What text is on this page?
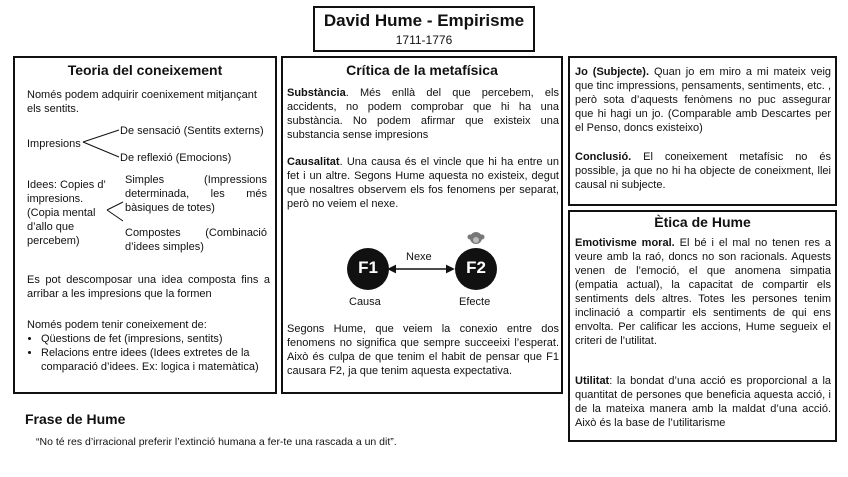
David Hume - Empirisme
1711-1776
Teoria del coneixement
Només podem adquirir coenixement mitjançant els sentits.
Impresions
De sensació (Sentits externs)
De reflexió (Emocions)
Idees: Copies d’ impresions. (Copia mental d’allo que percebem)
Simples (Impressions determinada, les més bàsiques de totes)
Compostes (Combinació d’idees simples)
Es pot descomposar una idea composta fins a arribar a les impresions que la formen
Només podem tenir coneixement de:
• Qüestions de fet (impresions, sentits)
• Relacions entre idees (Idees extretes de la comparació d’idees. Ex: logica i matemàtica)
Crítica de la metafísica
Substància. Més enllà del que percebem, els accidents, no podem comprobar que hi ha una substància. No podem afirmar que existeix una substancia sense impresions
Causalitat. Una causa és el vincle que hi ha entre un fet i un altre. Segons Hume aquesta no existeix, degut que nosaltres observem els fos fenomens per separat, però no veiem el nexe.
F1	F2
Nexe
Causa	Efecte
Segons Hume, que veiem la conexio entre dos fenomens no significa que sempre succeeixi l’esperat. Això és culpa de que tenim el habit de pensar que F1 causara F2, ja que tenim aquesta expectativa.
Jo (Subjecte). Quan jo em miro a mi mateix veig que tinc impressions, pensaments, sentiments, etc. , però sota d’aquests fenòmens no puc assegurar que hi hagi un jo. (Comparable amb Descartes per el Penso, doncs existeixo)
Conclusió. El coneixement metafísic no és possible, ja que no hi ha objecte de coneixment, llei causal ni subjecte.
Ètica de Hume
Emotivisme moral. El bé i el mal no tenen res a veure amb la raó, doncs no son racionals. Aquests venen de l’emoció, el que anomena simpatia (empatia actual), la capacitat de compartir els sentiments dels altres. Totes les persones tenim inclinació a compartir els sentiments de qui ens envolta. Per calificar les accions, Hume segueix el criteri de l’utilitat.
Utilitat: la bondat d’una acció es proporcional a la quantitat de persones que beneficia aquesta acció, i de la mateixa manera amb la maldat d’una acció. Això és la base de l’utilitarisme
Frase de Hume
“No té res d’irracional preferir l’extinció humana a fer-te una rascada a un dit”.
